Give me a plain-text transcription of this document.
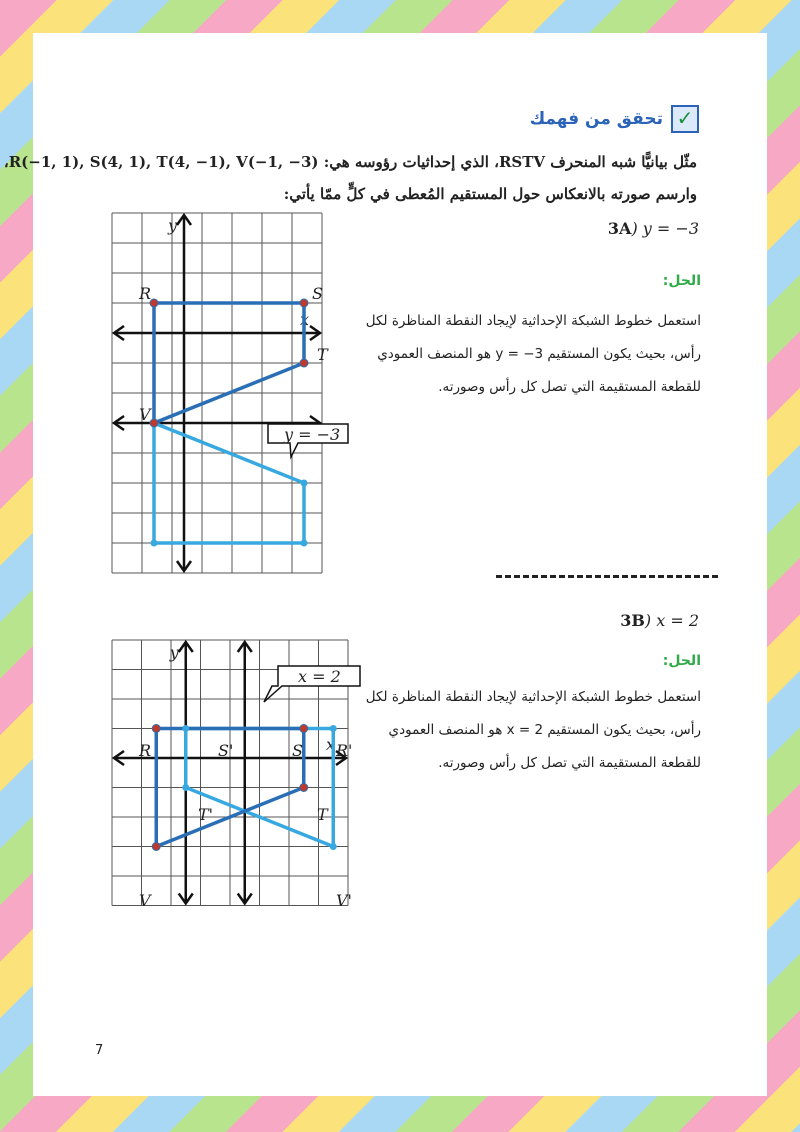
✓
تحقق من فهمك
مثّل بيانيًّا شبه المنحرف RSTV، الذي إحداثيات رؤوسه هي: R(−1, 1), S(4, 1), T(4, −1), V(−1, −3)،
وارسم صورته بالانعكاس حول المستقيم المُعطى في كلٍّ ممّا يأتي:
3A) y = −3
الحل:

استعمل خطوط الشبكة الإحداثية لإيجاد النقطة المناظرة لكل

رأس، بحيث يكون المستقيم y = −3 هو المنصف العمودي

للقطعة المستقيمة التي تصل كل رأس وصورته.

y
x
y = −3
R	S
T
V
3B) x = 2
الحل:

استعمل خطوط الشبكة الإحداثية لإيجاد النقطة المناظرة لكل

رأس، بحيث يكون المستقيم x = 2 هو المنصف العمودي

للقطعة المستقيمة التي تصل كل رأس وصورته.

y
x
x = 2
R	S'	S R'
T'	T
V	V'
7
